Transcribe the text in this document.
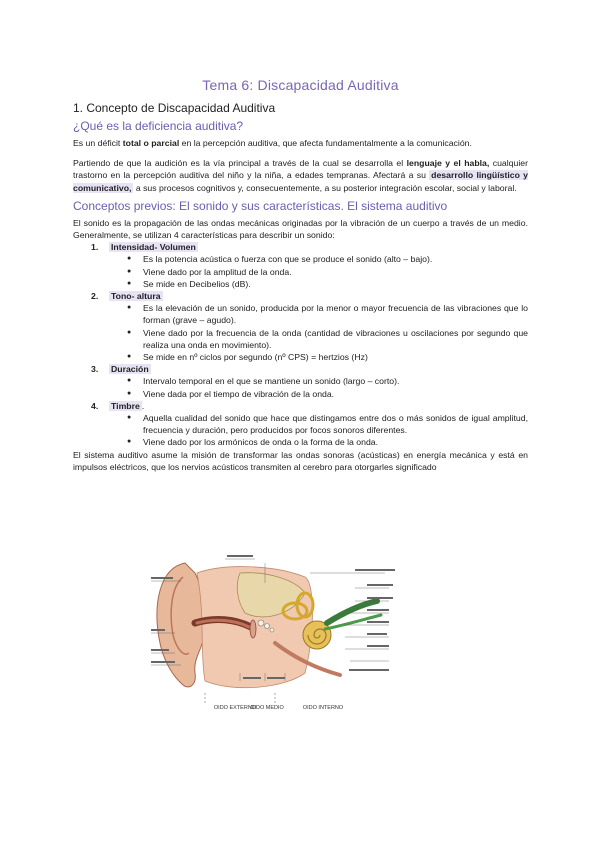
Tema 6: Discapacidad Auditiva
1. Concepto de Discapacidad Auditiva
¿Qué es la deficiencia auditiva?

Es un déficit total o parcial en la percepción auditiva, que afecta fundamentalmente a la comunicación.

Partiendo de que la audición es la vía principal a través de la cual se desarrolla el lenguaje y el habla, cualquier trastorno en la percepción auditiva del niño y la niña, a edades tempranas. Afectará a su desarrollo lingüístico y comunicativo, a sus procesos cognitivos y, consecuentemente, a su posterior integración escolar, social y laboral.

Conceptos previos: El sonido y sus características. El sistema auditivo

El sonido es la propagación de las ondas mecánicas originadas por la vibración de un cuerpo a través de un medio. Generalmente, se utilizan 4 características para describir un sonido:

1.	Intensidad- Volumen
● Es la potencia acústica o fuerza con que se produce el sonido (alto – bajo).
● Viene dado por la amplitud de la onda.
● Se mide en Decibelios (dB).
2.	Tono- altura
● Es la elevación de un sonido, producida por la menor o mayor frecuencia de las vibraciones que lo forman (grave – agudo).
● Viene dado por la frecuencia de la onda (cantidad de vibraciones u oscilaciones por segundo que realiza una onda en movimiento).
● Se mide en nº ciclos por segundo (nº CPS) = hertzios (Hz)
3.	Duración
● Intervalo temporal en el que se mantiene un sonido (largo – corto).
● Viene dada por el tiempo de vibración de la onda.
4.	Timbre .
● Aquella cualidad del sonido que hace que distingamos entre dos o más sonidos de igual amplitud, frecuencia y duración, pero producidos por focos sonoros diferentes.
● Viene dado por los armónicos de onda o la forma de la onda.

El sistema auditivo asume la misión de transformar las ondas sonoras (acústicas) en energía mecánica y está en impulsos eléctricos, que los nervios acústicos transmiten al cerebro para otorgarles significado

OIDO EXTERNO
OIDO MEDIO	OIDO INTERNO
